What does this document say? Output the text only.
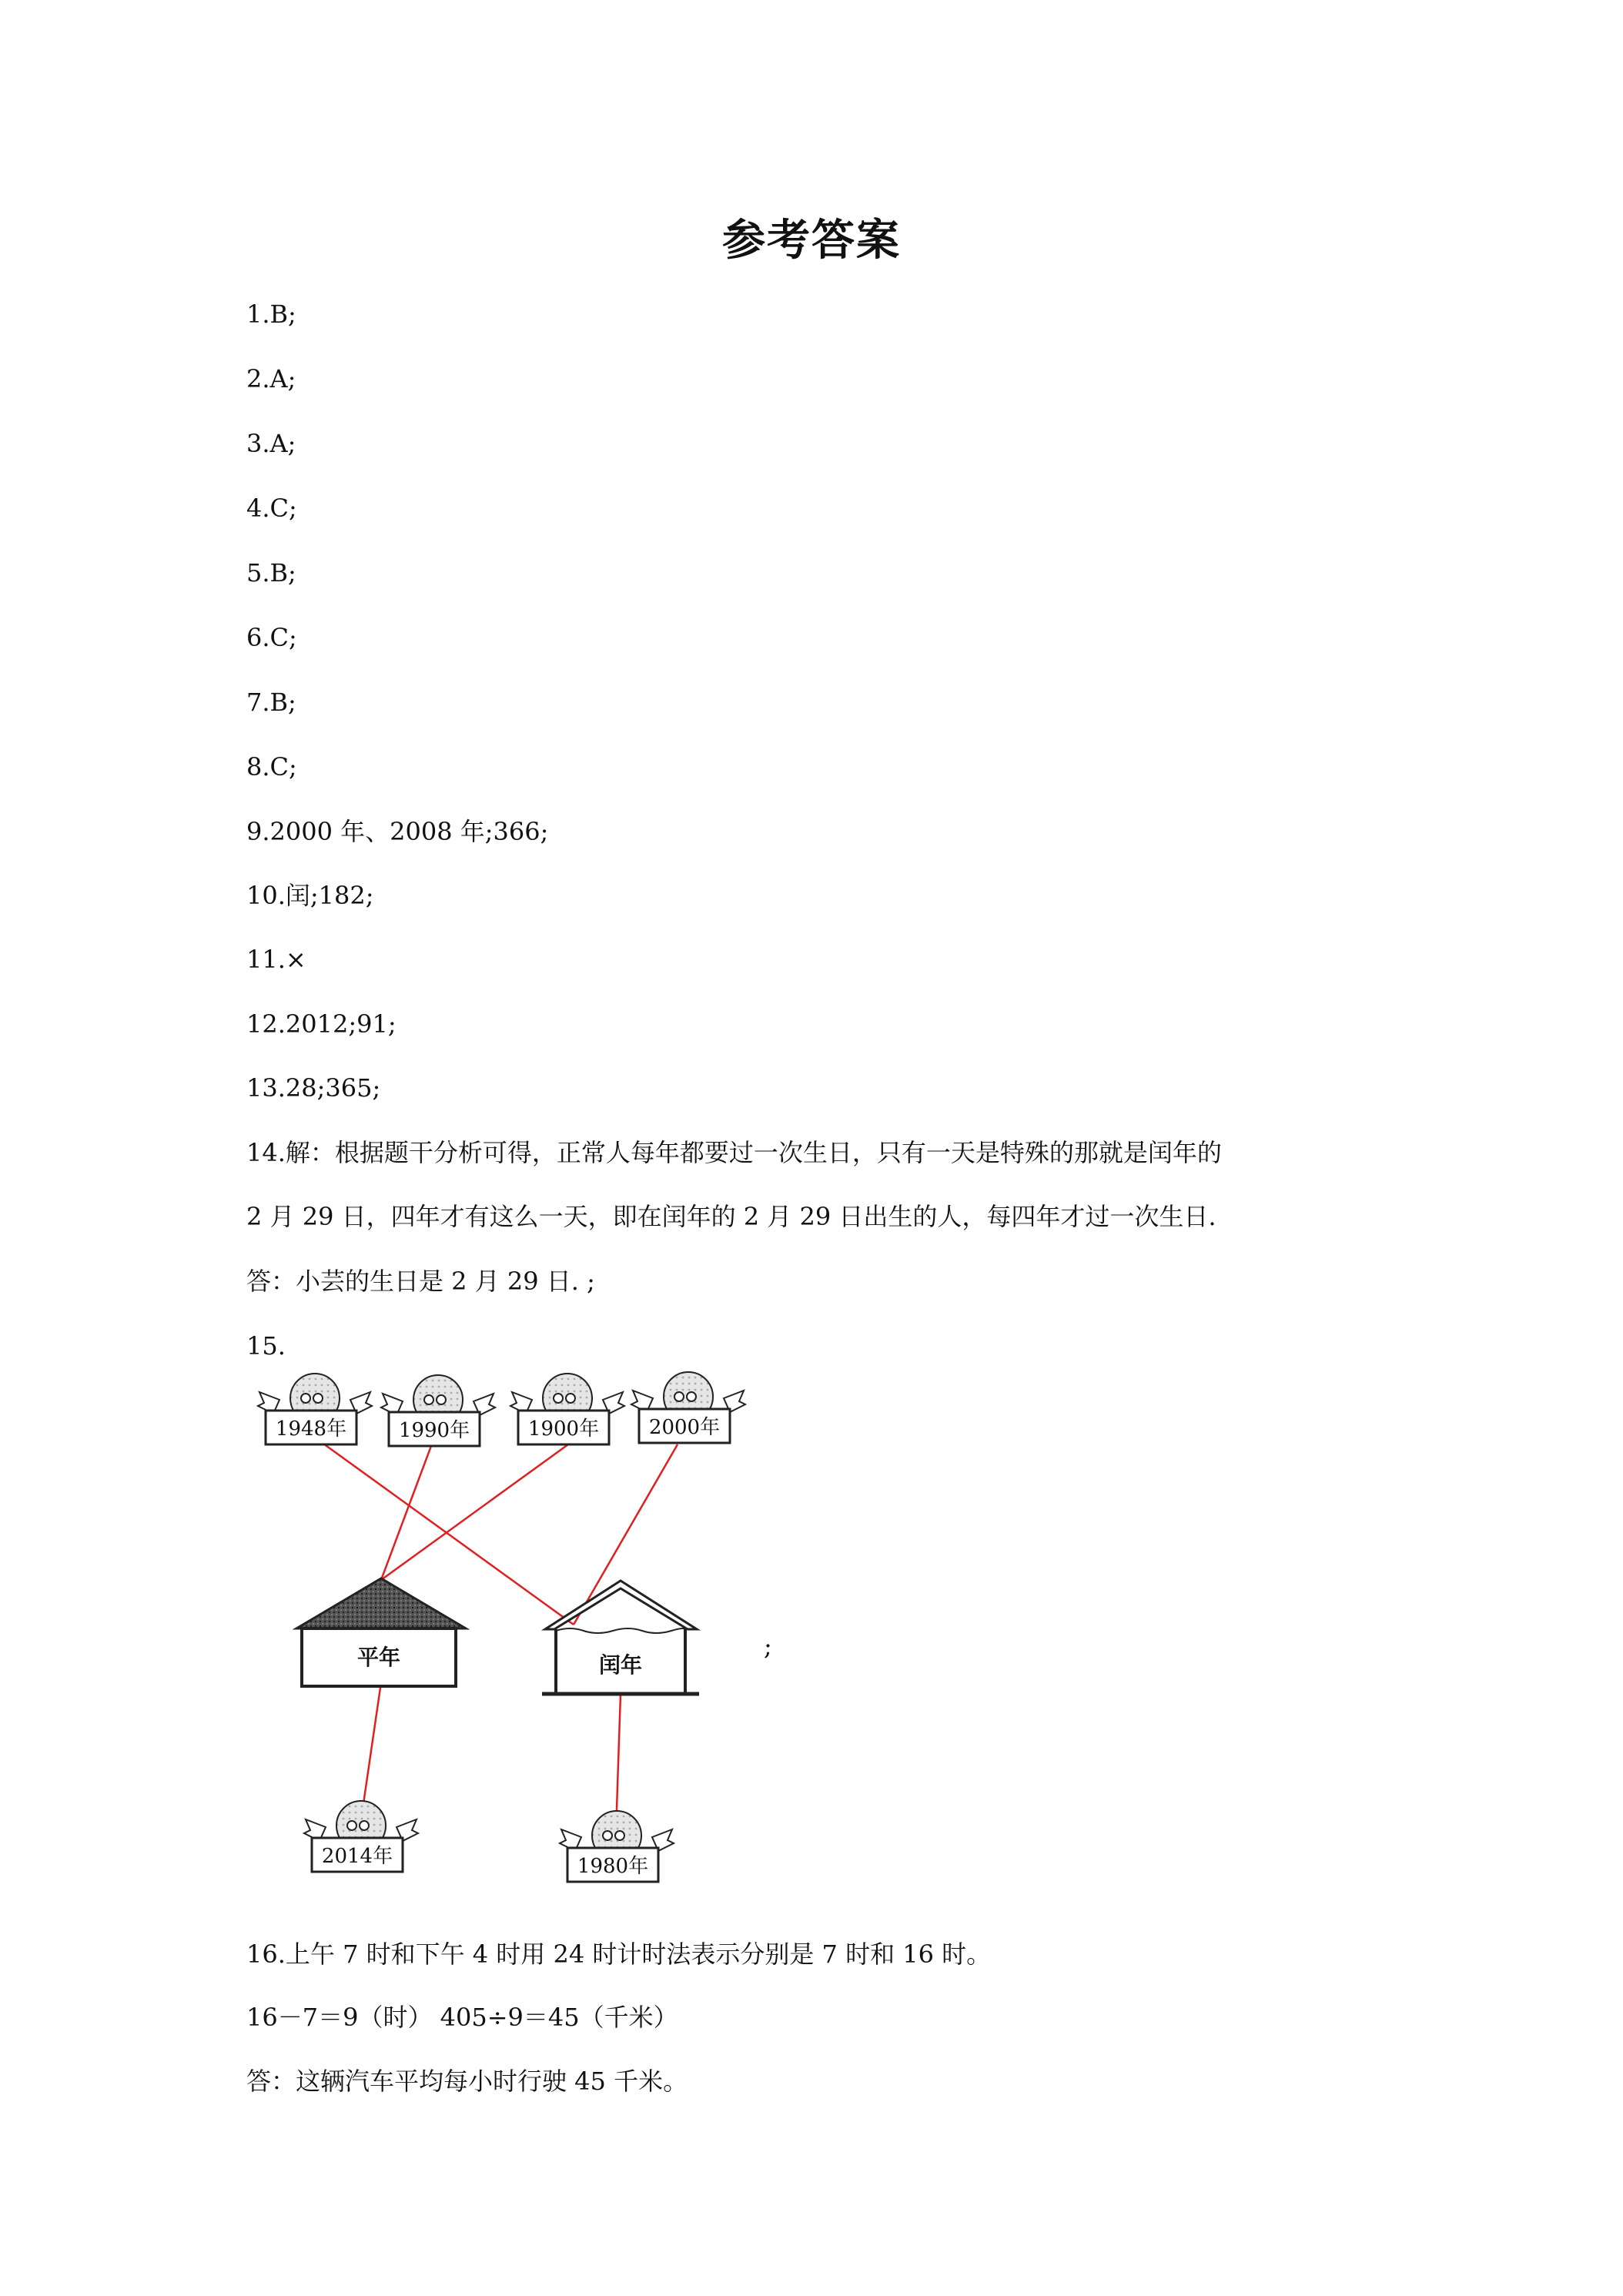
参考答案
1.B;
2.A;
3.A;
4.C;
5.B;
6.C;
7.B;
8.C;
9.2000 年、2008 年;366;
10.闰;182;
11.×
12.2012;91;
13.28;365;
14.解：根据题干分析可得，正常人每年都要过一次生日，只有一天是特殊的那就是闰年的
2 月 29 日，四年才有这么一天，即在闰年的 2 月 29 日出生的人，每四年才过一次生日.
答：小芸的生日是 2 月 29 日. ;
15.
1948年	1990年	1900年 2000年
平年	闰年
2014年	1980年
;
16.上午 7 时和下午 4 时用 24 时计时法表示分别是 7 时和 16 时。
16－7＝9（时） 405÷9＝45（千米）
答：这辆汽车平均每小时行驶 45 千米。
